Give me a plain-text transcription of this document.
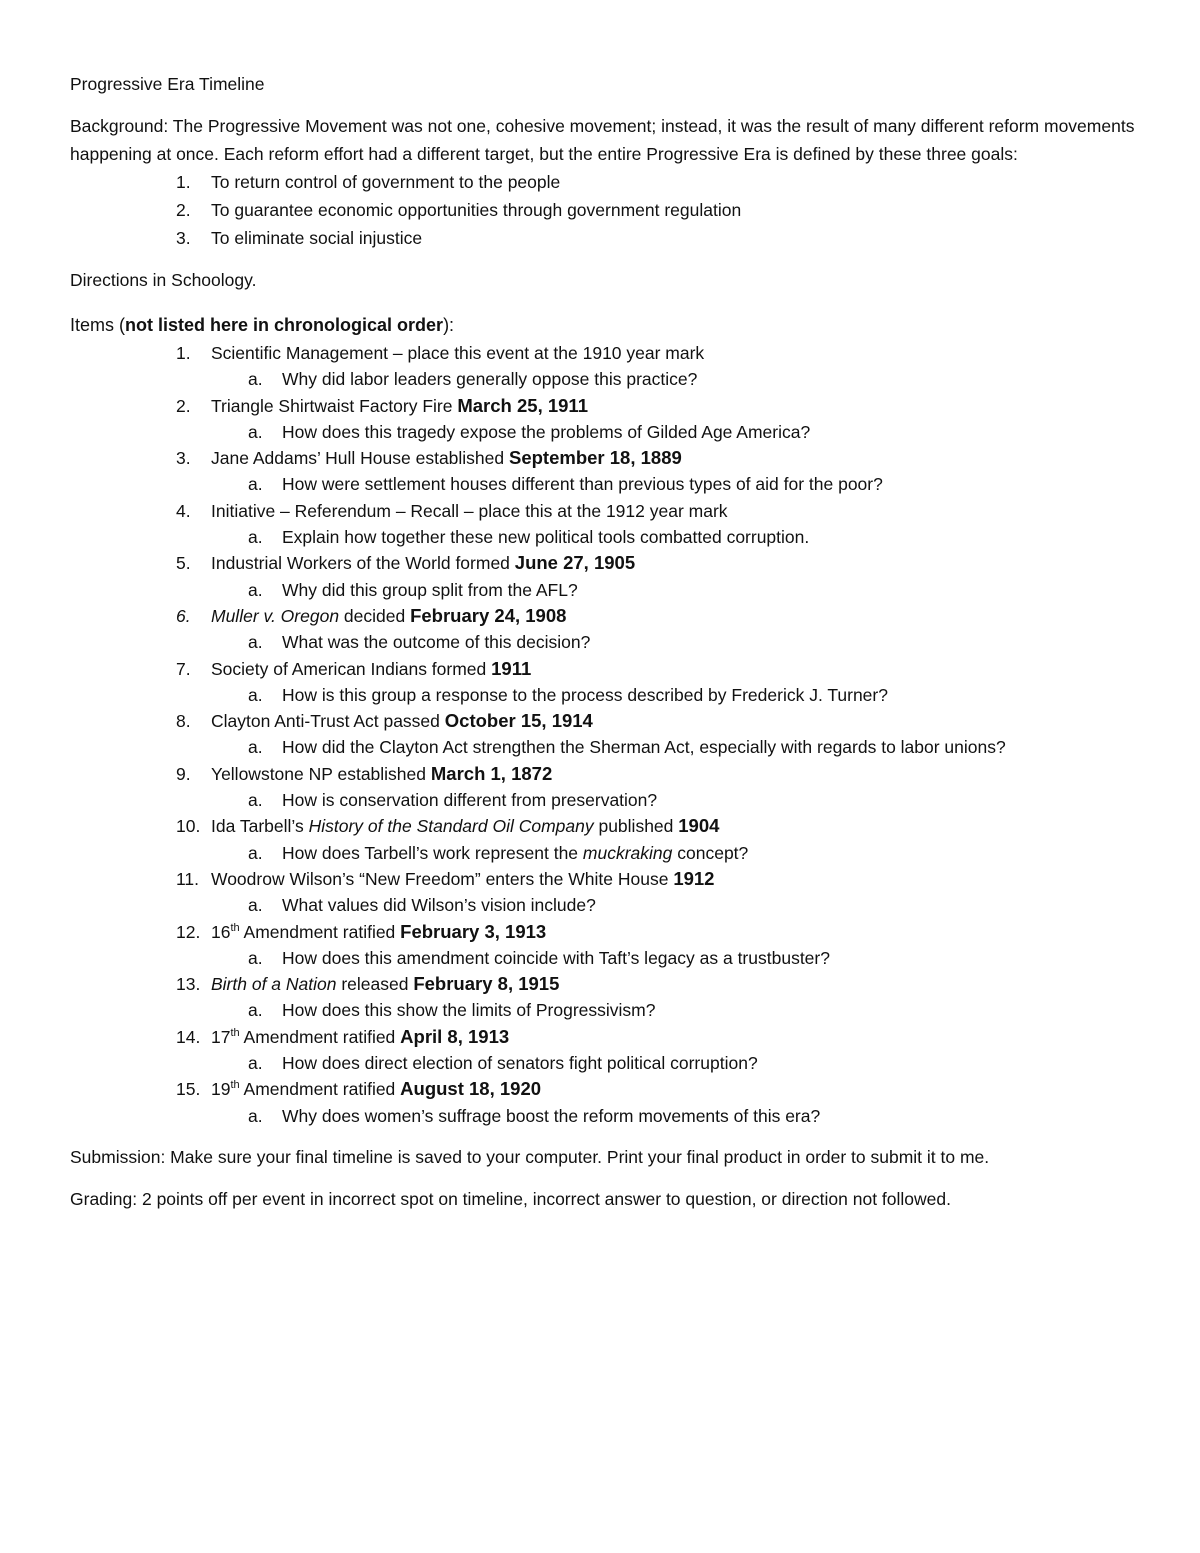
Progressive Era Timeline

Background: The Progressive Movement was not one, cohesive movement; instead, it was the result of many different reform movements happening at once. Each reform effort had a different target, but the entire Progressive Era is defined by these three goals:

1. To return control of government to the people
2. To guarantee economic opportunities through government regulation
3. To eliminate social injustice

Directions in Schoology.

Items (not listed here in chronological order):

1. Scientific Management – place this event at the 1910 year mark
a. Why did labor leaders generally oppose this practice?
2. Triangle Shirtwaist Factory Fire March 25, 1911
a. How does this tragedy expose the problems of Gilded Age America?
3. Jane Addams’ Hull House established September 18, 1889
a. How were settlement houses different than previous types of aid for the poor?
4. Initiative – Referendum – Recall – place this at the 1912 year mark
a. Explain how together these new political tools combatted corruption.
5. Industrial Workers of the World formed June 27, 1905
a. Why did this group split from the AFL?
6. Muller v. Oregon decided February 24, 1908
a. What was the outcome of this decision?
7. Society of American Indians formed 1911
a. How is this group a response to the process described by Frederick J. Turner?
8. Clayton Anti-Trust Act passed October 15, 1914
a. How did the Clayton Act strengthen the Sherman Act, especially with regards to labor unions?
9. Yellowstone NP established March 1, 1872
a. How is conservation different from preservation?
10. Ida Tarbell’s History of the Standard Oil Company published 1904
a. How does Tarbell’s work represent the muckraking concept?
11. Woodrow Wilson’s “New Freedom” enters the White House 1912
a. What values did Wilson’s vision include?
12. 16th Amendment ratified February 3, 1913
a. How does this amendment coincide with Taft’s legacy as a trustbuster?
13. Birth of a Nation released February 8, 1915
a. How does this show the limits of Progressivism?
14. 17th Amendment ratified April 8, 1913
a. How does direct election of senators fight political corruption?
15. 19th Amendment ratified August 18, 1920
a. Why does women’s suffrage boost the reform movements of this era?

Submission: Make sure your final timeline is saved to your computer. Print your final product in order to submit it to me.

Grading: 2 points off per event in incorrect spot on timeline, incorrect answer to question, or direction not followed.
